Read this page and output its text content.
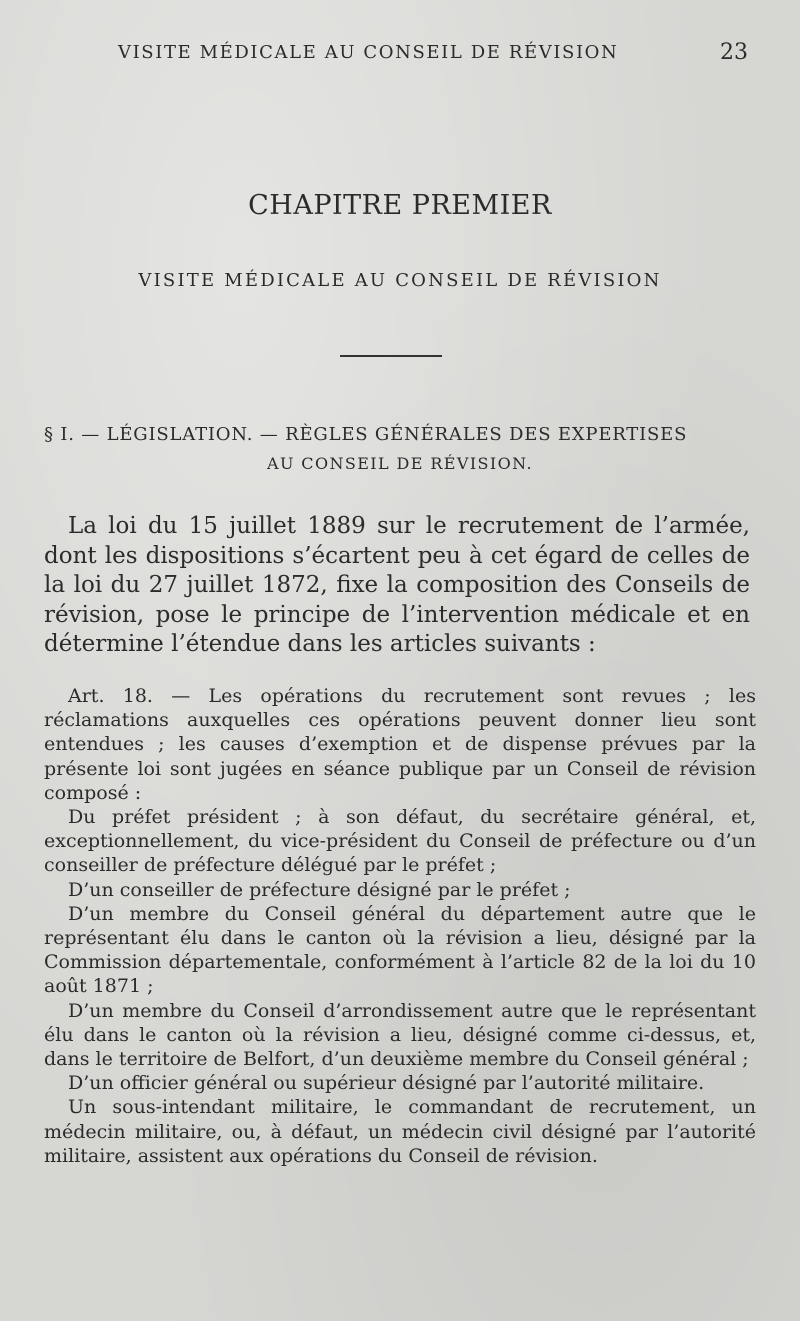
VISITE MÉDICALE AU CONSEIL DE RÉVISION	23
CHAPITRE PREMIER
VISITE MÉDICALE AU CONSEIL DE RÉVISION
§ I. — LÉGISLATION. — RÈGLES GÉNÉRALES DES EXPERTISES
AU CONSEIL DE RÉVISION.

La loi du 15 juillet 1889 sur le recrutement de l’armée, dont les dispositions s’écartent peu à cet égard de celles de la loi du 27 juillet 1872, fixe la composition des Conseils de révision, pose le principe de l’intervention médicale et en détermine l’étendue dans les articles suivants :

Art. 18. — Les opérations du recrutement sont revues ; les réclamations auxquelles ces opérations peuvent donner lieu sont entendues ; les causes d’exemption et de dispense prévues par la présente loi sont jugées en séance publique par un Conseil de révision composé :

Du préfet président ; à son défaut, du secrétaire général, et, exceptionnellement, du vice-président du Conseil de préfecture ou d’un conseiller de préfecture délégué par le préfet ;

D’un conseiller de préfecture désigné par le préfet ;

D’un membre du Conseil général du département autre que le représentant élu dans le canton où la révision a lieu, désigné par la Commission départementale, conformément à l’article 82 de la loi du 10 août 1871 ;

D’un membre du Conseil d’arrondissement autre que le représentant élu dans le canton où la révision a lieu, désigné comme ci-dessus, et, dans le territoire de Belfort, d’un deuxième membre du Conseil général ;

D’un officier général ou supérieur désigné par l’autorité militaire.

Un sous-intendant militaire, le commandant de recrutement, un médecin militaire, ou, à défaut, un médecin civil désigné par l’autorité militaire, assistent aux opérations du Conseil de révision.
